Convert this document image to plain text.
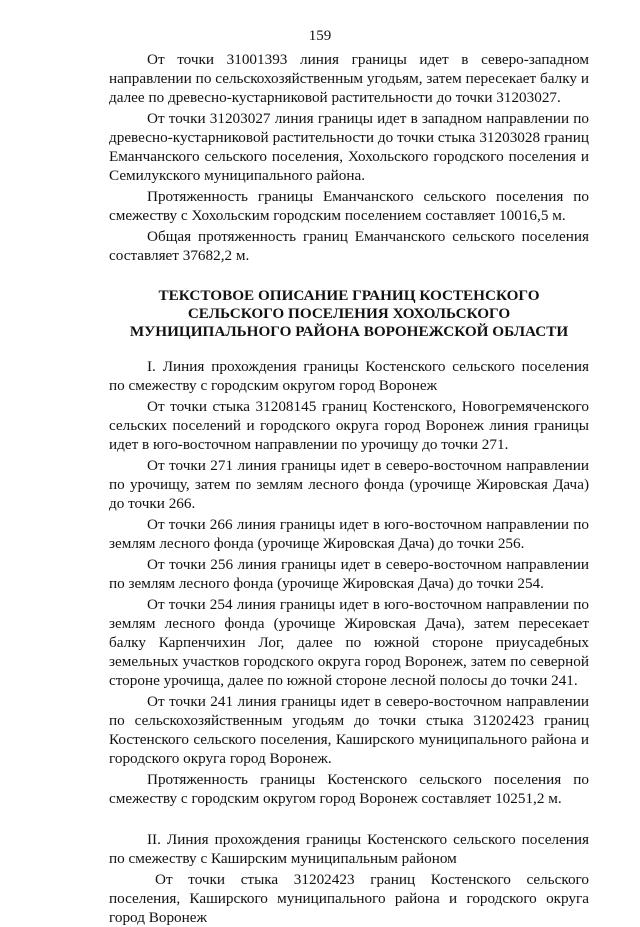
159

От точки 31001393 линия границы идет в северо-западном направлении по сельскохозяйственным угодьям, затем пересекает балку и далее по древесно-кустарниковой растительности до точки 31203027.

От точки 31203027 линия границы идет в западном направлении по древесно-кустарниковой растительности до точки стыка 31203028 границ Еманчанского сельского поселения, Хохольского городского поселения и Семилукского муниципального района.

Протяженность границы Еманчанского сельского поселения по смежеству с Хохольским городским поселением составляет 10016,5 м.

Общая протяженность границ Еманчанского сельского поселения составляет 37682,2 м.

ТЕКСТОВОЕ ОПИСАНИЕ ГРАНИЦ КОСТЕНСКОГО СЕЛЬСКОГО ПОСЕЛЕНИЯ ХОХОЛЬСКОГО МУНИЦИПАЛЬНОГО РАЙОНА ВОРОНЕЖСКОЙ ОБЛАСТИ

I. Линия прохождения границы Костенского сельского поселения по смежеству с городским округом город Воронеж

От точки стыка 31208145 границ Костенского, Новогремяченского сельских поселений и городского округа город Воронеж линия границы идет в юго-восточном направлении по урочищу до точки 271.

От точки 271 линия границы идет в северо-восточном направлении по урочищу, затем по землям лесного фонда (урочище Жировская Дача) до точки 266.

От точки 266 линия границы идет в юго-восточном направлении по землям лесного фонда (урочище Жировская Дача) до точки 256.

От точки 256 линия границы идет в северо-восточном направлении по землям лесного фонда (урочище Жировская Дача) до точки 254.

От точки 254 линия границы идет в юго-восточном направлении по землям лесного фонда (урочище Жировская Дача), затем пересекает балку Карпенчихин Лог, далее по южной стороне приусадебных земельных участков городского округа город Воронеж, затем по северной стороне урочища, далее по южной стороне лесной полосы до точки 241.

От точки 241 линия границы идет в северо-восточном направлении по сельскохозяйственным угодьям до точки стыка 31202423 границ Костенского сельского поселения, Каширского муниципального района и городского округа город Воронеж.

Протяженность границы Костенского сельского поселения по смежеству с городским округом город Воронеж составляет 10251,2 м.

II. Линия прохождения границы Костенского сельского поселения по смежеству с Каширским муниципальным районом

От точки стыка 31202423 границ Костенского сельского поселения, Каширского муниципального района и городского округа город Воронеж
